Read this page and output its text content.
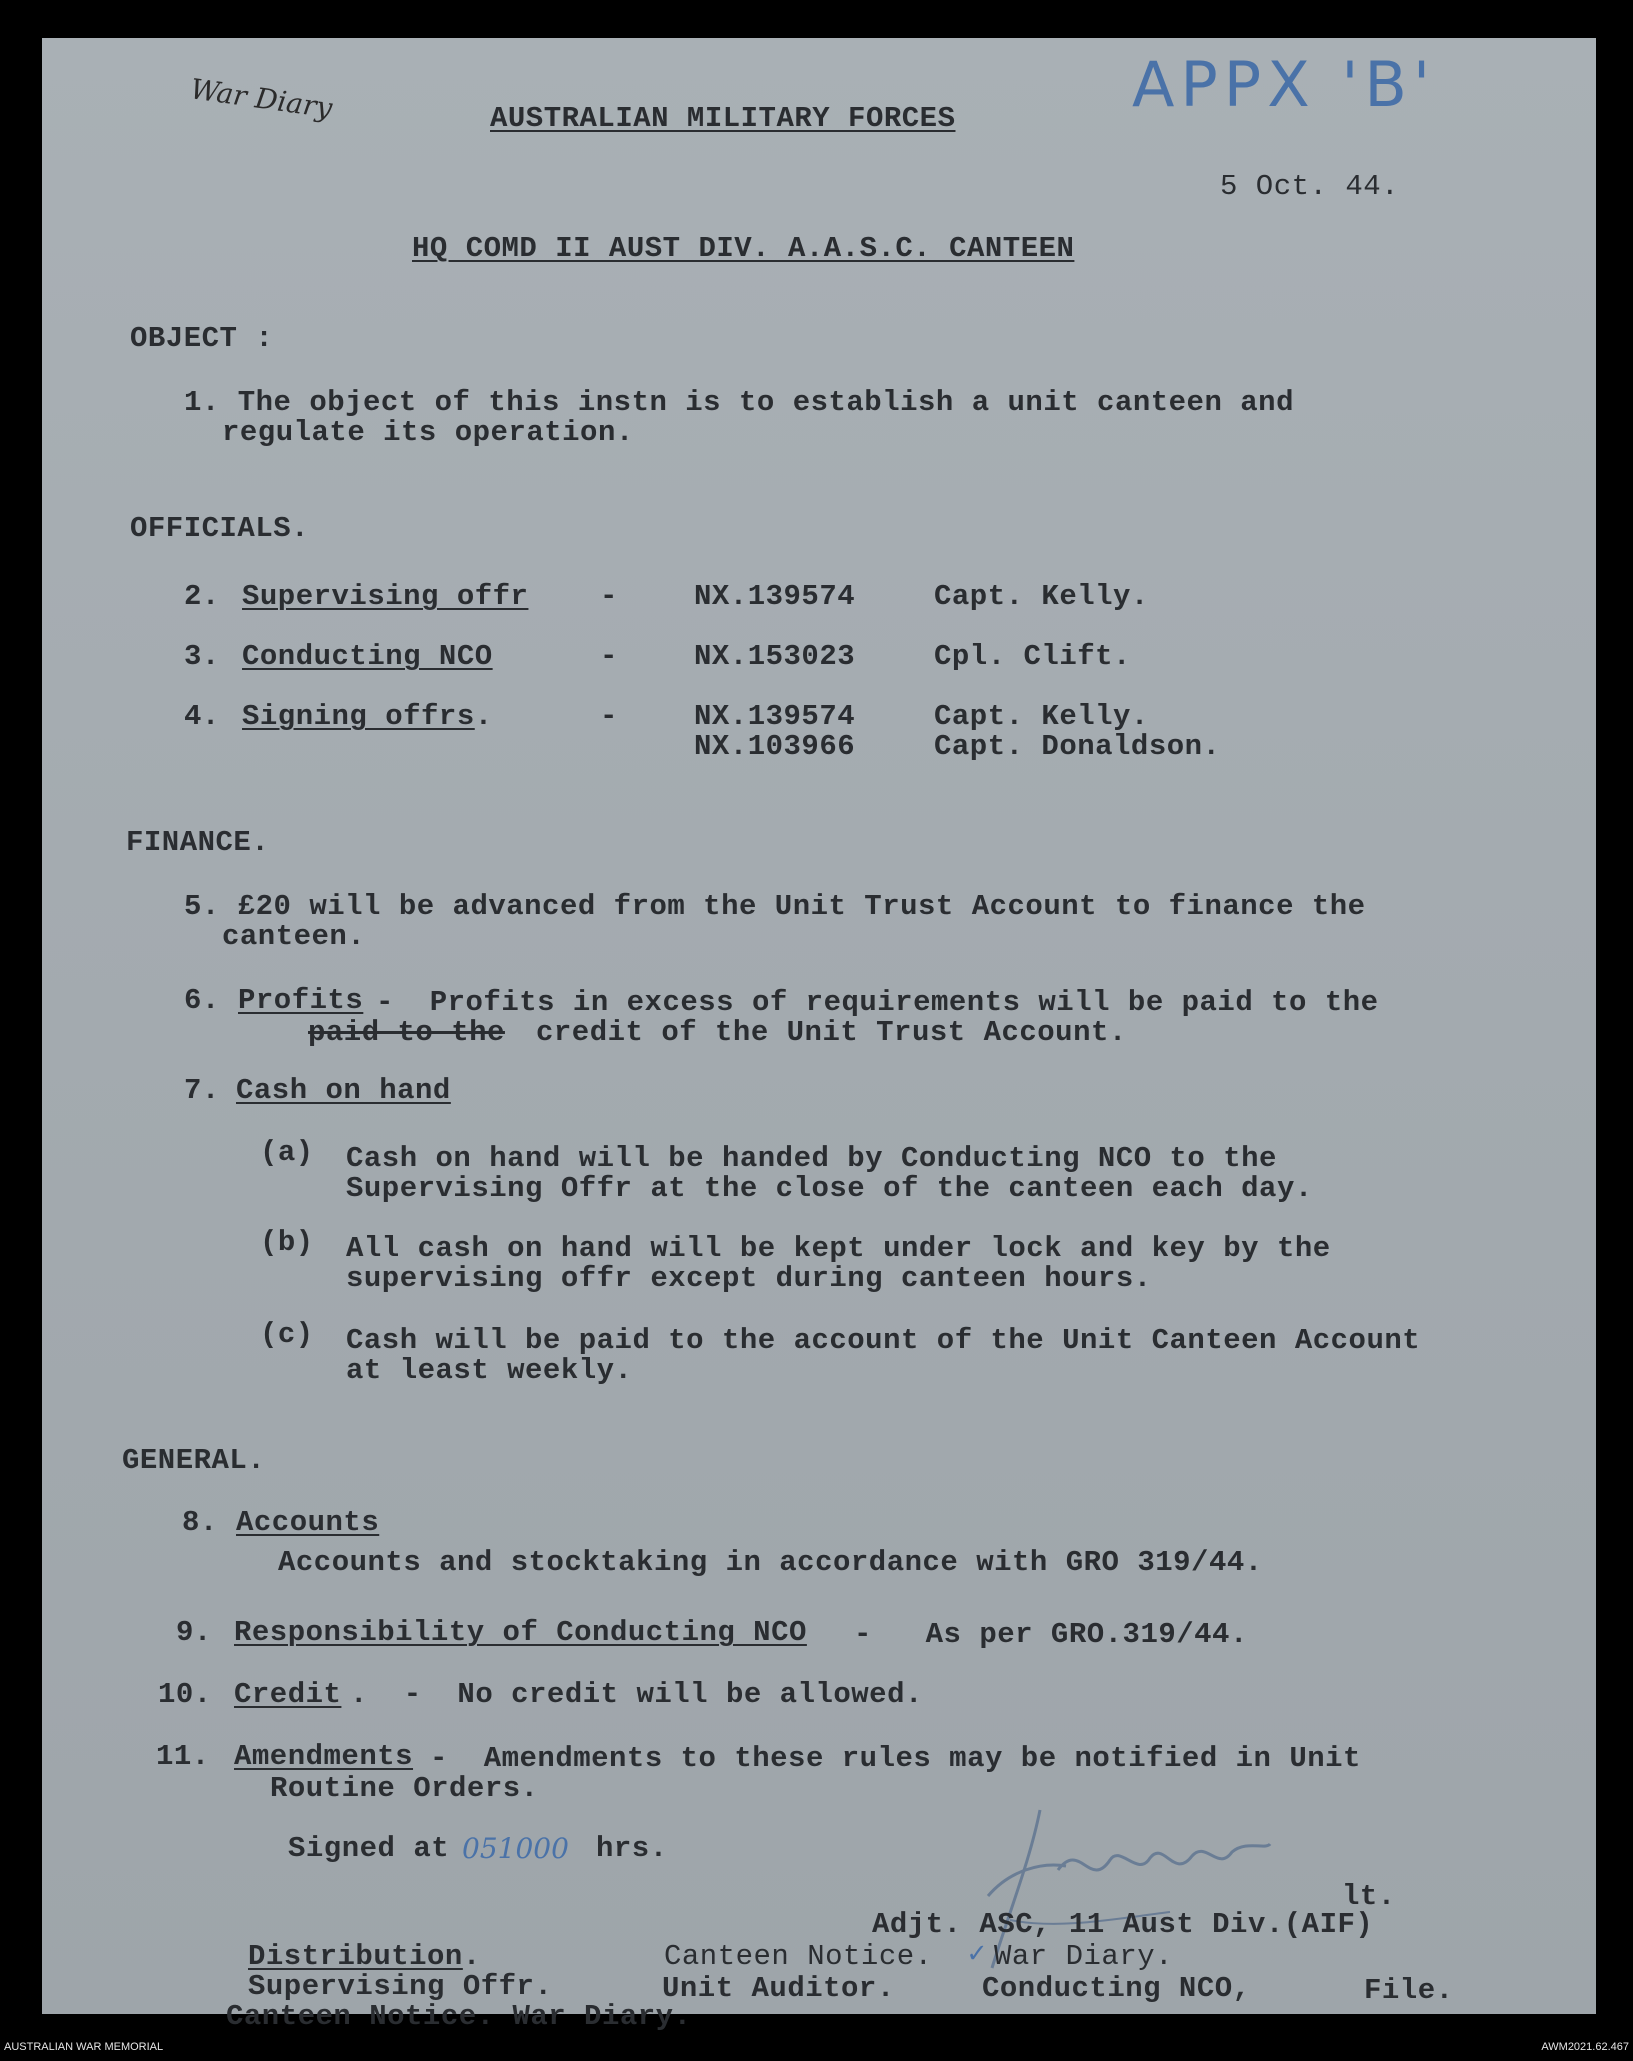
War Diary	APPX 'B'
AUSTRALIAN MILITARY FORCES
5 Oct. 44.
HQ COMD II AUST DIV. A.A.S.C. CANTEEN
OBJECT :
1. The object of this instn is to establish a unit canteen and
regulate its operation.
OFFICIALS.
2. Supervising offr -	NX.139574	Capt. Kelly.
3. Conducting NCO	-	NX.153023	Cpl. Clift.
4. Signing offrs.	-	NX.139574	Capt. Kelly.
NX.103966	Capt. Donaldson.
FINANCE.
5. £20 will be advanced from the Unit Trust Account to finance the
canteen.
6. Profits -  Profits in excess of requirements will be paid to the
paid to the credit of the Unit Trust Account.
7. Cash on hand
(a) Cash on hand will be handed by Conducting NCO to the
Supervising Offr at the close of the canteen each day.
(b) All cash on hand will be kept under lock and key by the
supervising offr except during canteen hours.
(c) Cash will be paid to the account of the Unit Canteen Account
at least weekly.
GENERAL.
8. Accounts
Accounts and stocktaking in accordance with GRO 319/44.
9. Responsibility of Conducting NCO -   As per GRO.319/44.
10. Credit .  -  No credit will be allowed.
11. Amendments -  Amendments to these rules may be notified in Unit
Routine Orders.
Signed at 051000 hrs.
lt.
Adjt. ASC, 11 Aust Div.(AIF)
Distribution.	Canteen Notice. ✓ War Diary.
Supervising Offr.	Unit Auditor.	Conducting NCO,	File.
Canteen Notice. War Diary.
AUSTRALIAN WAR MEMORIAL	AWM2021.62.467
